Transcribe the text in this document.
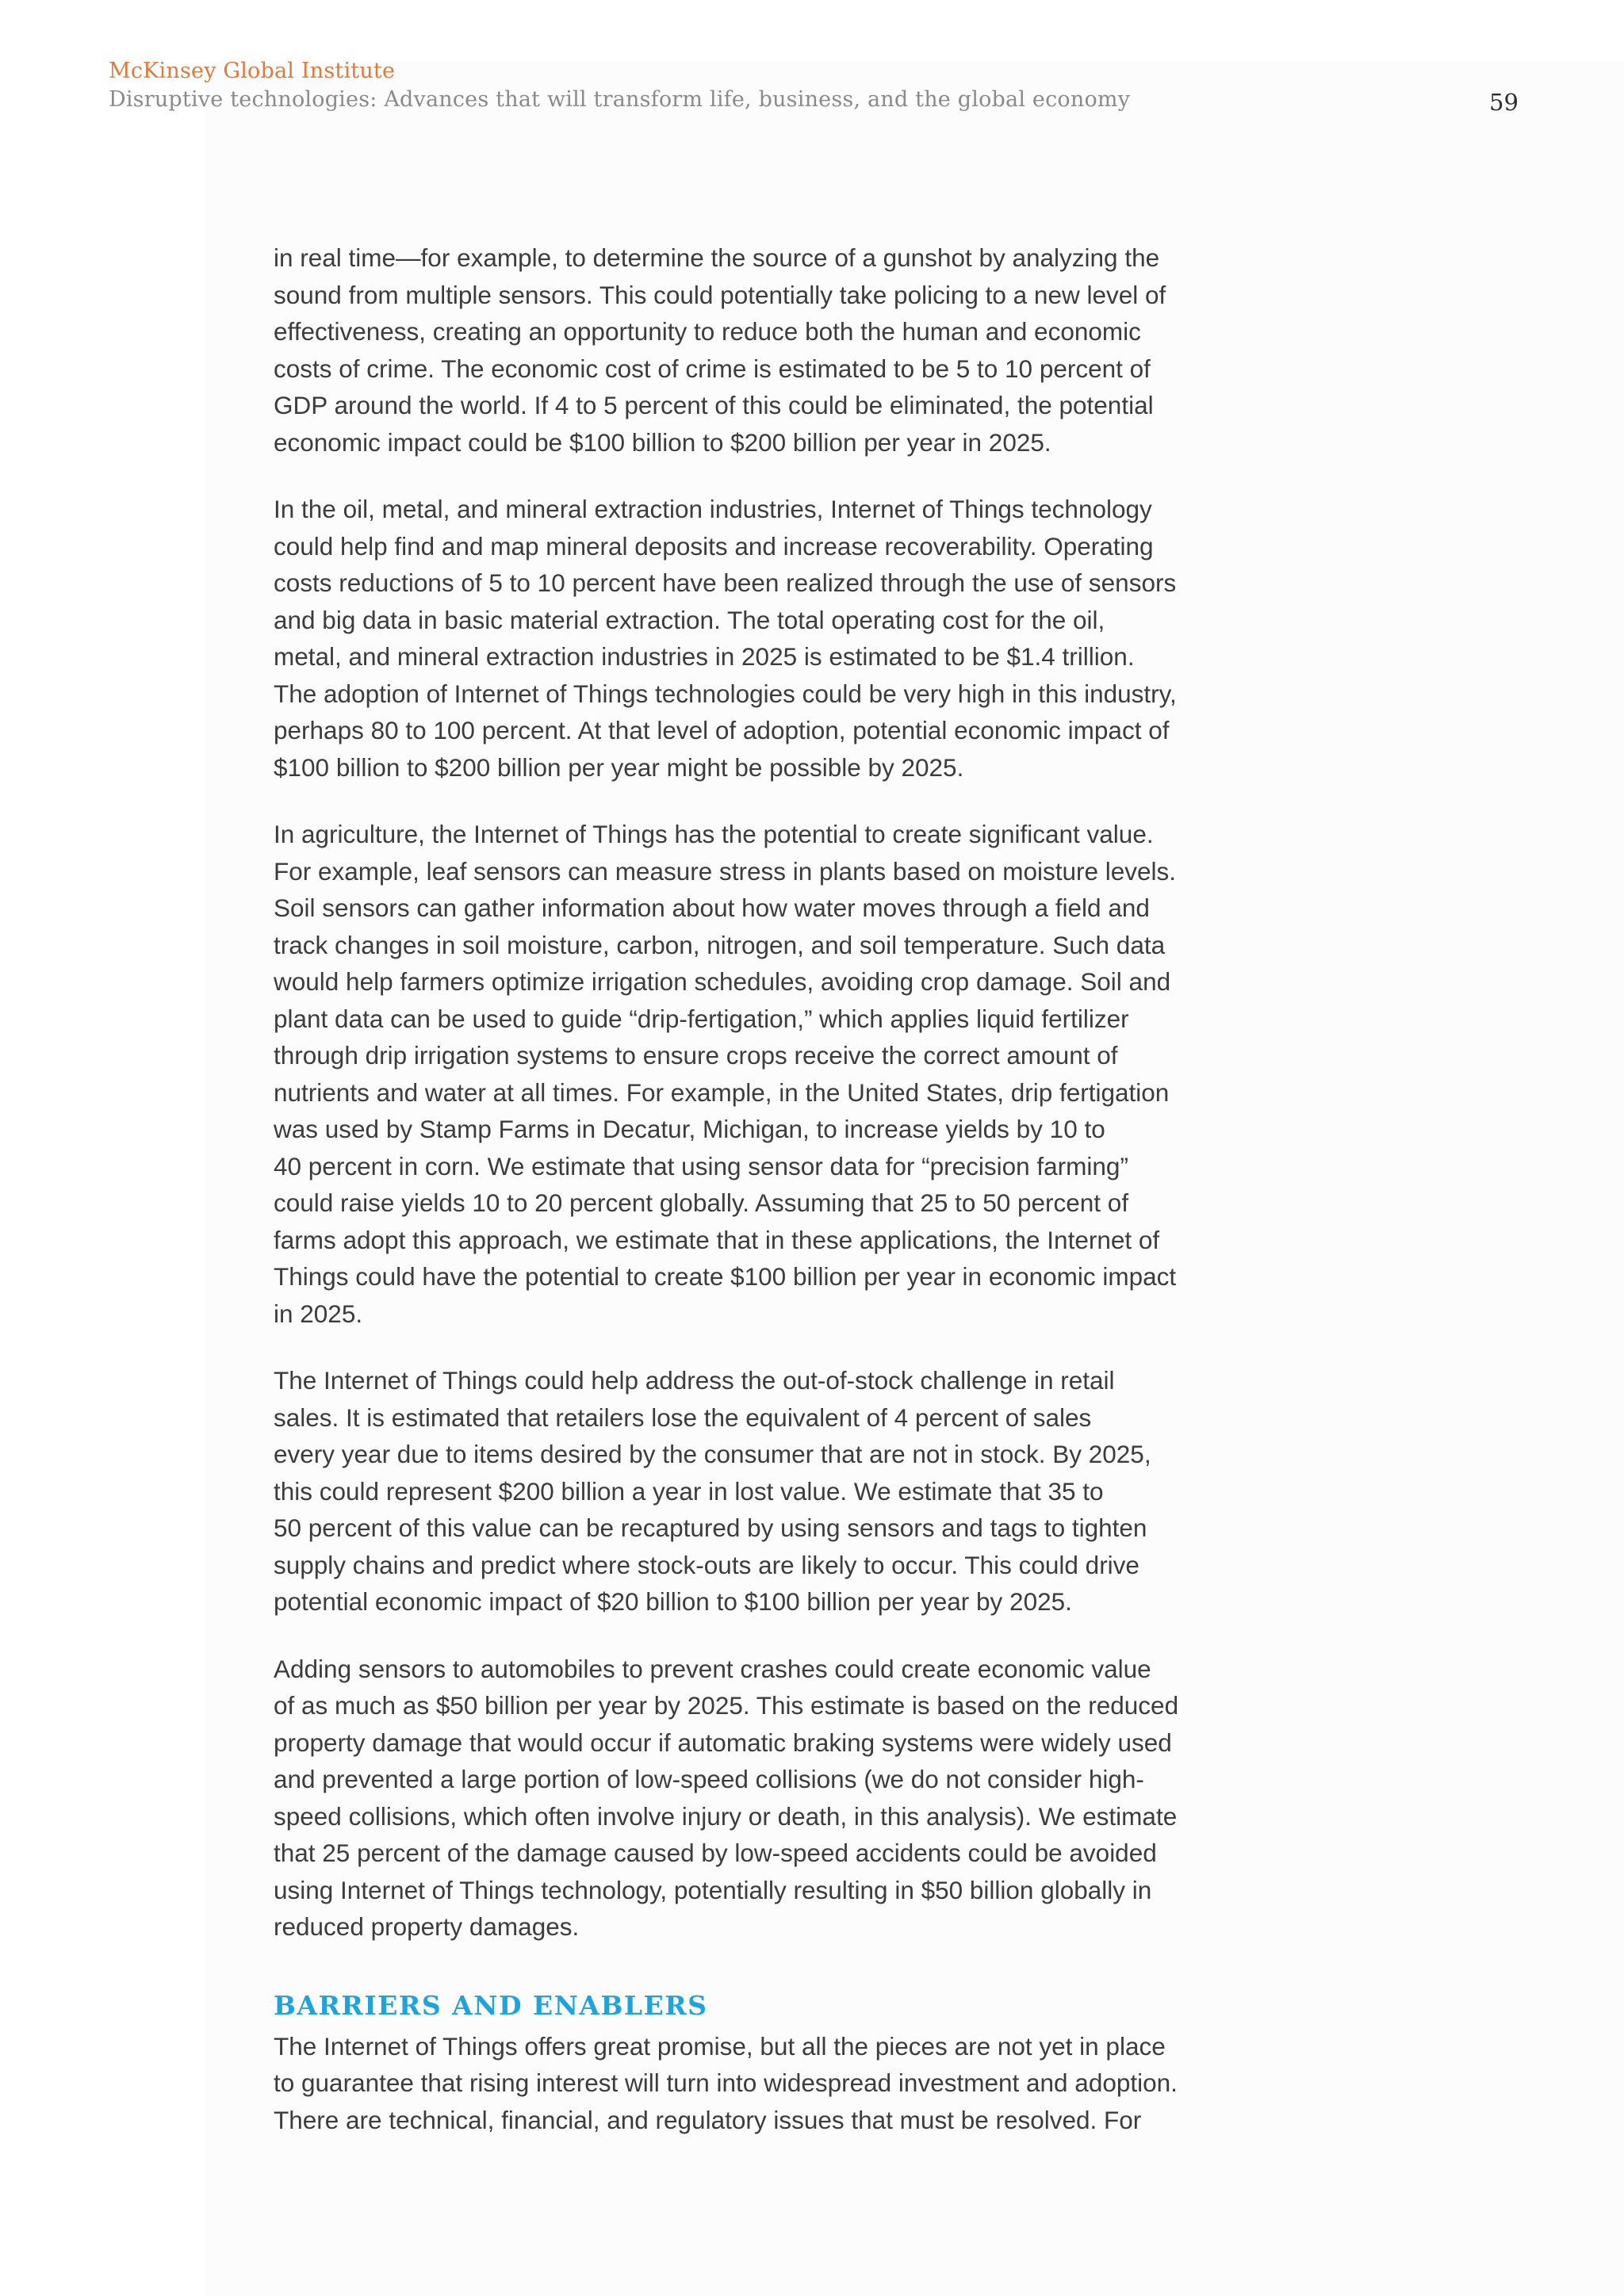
McKinsey Global Institute
Disruptive technologies: Advances that will transform life, business, and the global economy	59
in real time—for example, to determine the source of a gunshot by analyzing the
sound from multiple sensors. This could potentially take policing to a new level of
effectiveness, creating an opportunity to reduce both the human and economic
costs of crime. The economic cost of crime is estimated to be 5 to 10 percent of
GDP around the world. If 4 to 5 percent of this could be eliminated, the potential
economic impact could be $100 billion to $200 billion per year in 2025.
In the oil, metal, and mineral extraction industries, Internet of Things technology
could help find and map mineral deposits and increase recoverability. Operating
costs reductions of 5 to 10 percent have been realized through the use of sensors
and big data in basic material extraction. The total operating cost for the oil,
metal, and mineral extraction industries in 2025 is estimated to be $1.4 trillion.
The adoption of Internet of Things technologies could be very high in this industry,
perhaps 80 to 100 percent. At that level of adoption, potential economic impact of
$100 billion to $200 billion per year might be possible by 2025.
In agriculture, the Internet of Things has the potential to create significant value.
For example, leaf sensors can measure stress in plants based on moisture levels.
Soil sensors can gather information about how water moves through a field and
track changes in soil moisture, carbon, nitrogen, and soil temperature. Such data
would help farmers optimize irrigation schedules, avoiding crop damage. Soil and
plant data can be used to guide “drip-fertigation,” which applies liquid fertilizer
through drip irrigation systems to ensure crops receive the correct amount of
nutrients and water at all times. For example, in the United States, drip fertigation
was used by Stamp Farms in Decatur, Michigan, to increase yields by 10 to
40 percent in corn. We estimate that using sensor data for “precision farming”
could raise yields 10 to 20 percent globally. Assuming that 25 to 50 percent of
farms adopt this approach, we estimate that in these applications, the Internet of
Things could have the potential to create $100 billion per year in economic impact
in 2025.
The Internet of Things could help address the out-of-stock challenge in retail
sales. It is estimated that retailers lose the equivalent of 4 percent of sales
every year due to items desired by the consumer that are not in stock. By 2025,
this could represent $200 billion a year in lost value. We estimate that 35 to
50 percent of this value can be recaptured by using sensors and tags to tighten
supply chains and predict where stock-outs are likely to occur. This could drive
potential economic impact of $20 billion to $100 billion per year by 2025.
Adding sensors to automobiles to prevent crashes could create economic value
of as much as $50 billion per year by 2025. This estimate is based on the reduced
property damage that would occur if automatic braking systems were widely used
and prevented a large portion of low-speed collisions (we do not consider high-
speed collisions, which often involve injury or death, in this analysis). We estimate
that 25 percent of the damage caused by low-speed accidents could be avoided
using Internet of Things technology, potentially resulting in $50 billion globally in
reduced property damages.
BARRIERS AND ENABLERS
The Internet of Things offers great promise, but all the pieces are not yet in place
to guarantee that rising interest will turn into widespread investment and adoption.
There are technical, financial, and regulatory issues that must be resolved. For
